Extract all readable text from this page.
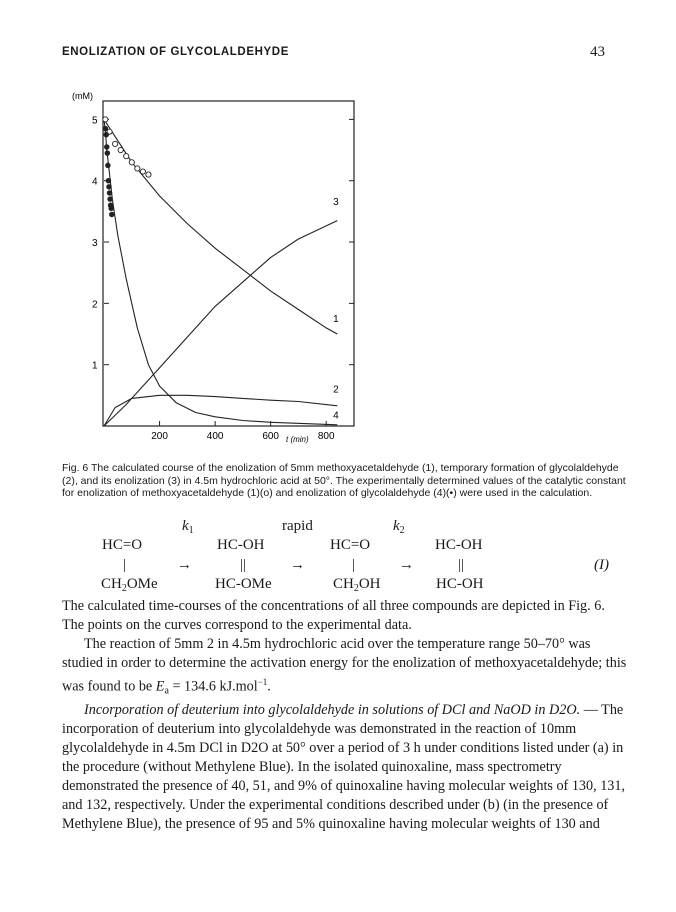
ENOLIZATION OF GLYCOLALDEHYDE	43
(mM)
t (min)
1
2
3
4
5
200	400	600	800
1
2
3
4
Fig. 6 The calculated course of the enolization of 5mm methoxyacetaldehyde (1), temporary formation of glycolaldehyde (2), and its enolization (3) in 4.5m hydrochloric acid at 50°. The experimentally determined values of the catalytic constant for enolization of methoxyacetaldehyde (1)(o) and enolization of glycolaldehyde (4)(•) were used in the calculation.
$k_1$	rapid	$k_2$
HC=O
|
$CH_2OMe$
→
HC-OH
||
HC-OMe
→
HC=O
|
$CH_2OH$
→
HC-OH
||
HC-OH
(I)

The calculated time-courses of the concentrations of all three compounds are depicted in Fig. 6. The points on the curves correspond to the experimental data.

The reaction of 5mm 2 in 4.5m hydrochloric acid over the temperature range 50–70° was studied in order to determine the activation energy for the enolization of methoxyacetaldehyde; this was found to be $E_a = 134.6$ kJ.mol$^{-1}$.

Incorporation of deuterium into glycolaldehyde in solutions of DCl and NaOD in D2O. — The incorporation of deuterium into glycolaldehyde was demonstrated in the reaction of 10mm glycolaldehyde in 4.5m DCl in D2O at 50° over a period of 3 h under conditions listed under (a) in the procedure (without Methylene Blue). In the isolated quinoxaline, mass spectrometry demonstrated the presence of 40, 51, and 9% of quinoxaline having molecular weights of 130, 131, and 132, respectively. Under the experimental conditions described under (b) (in the presence of Methylene Blue), the presence of 95 and 5% quinoxaline having molecular weights of 130 and
